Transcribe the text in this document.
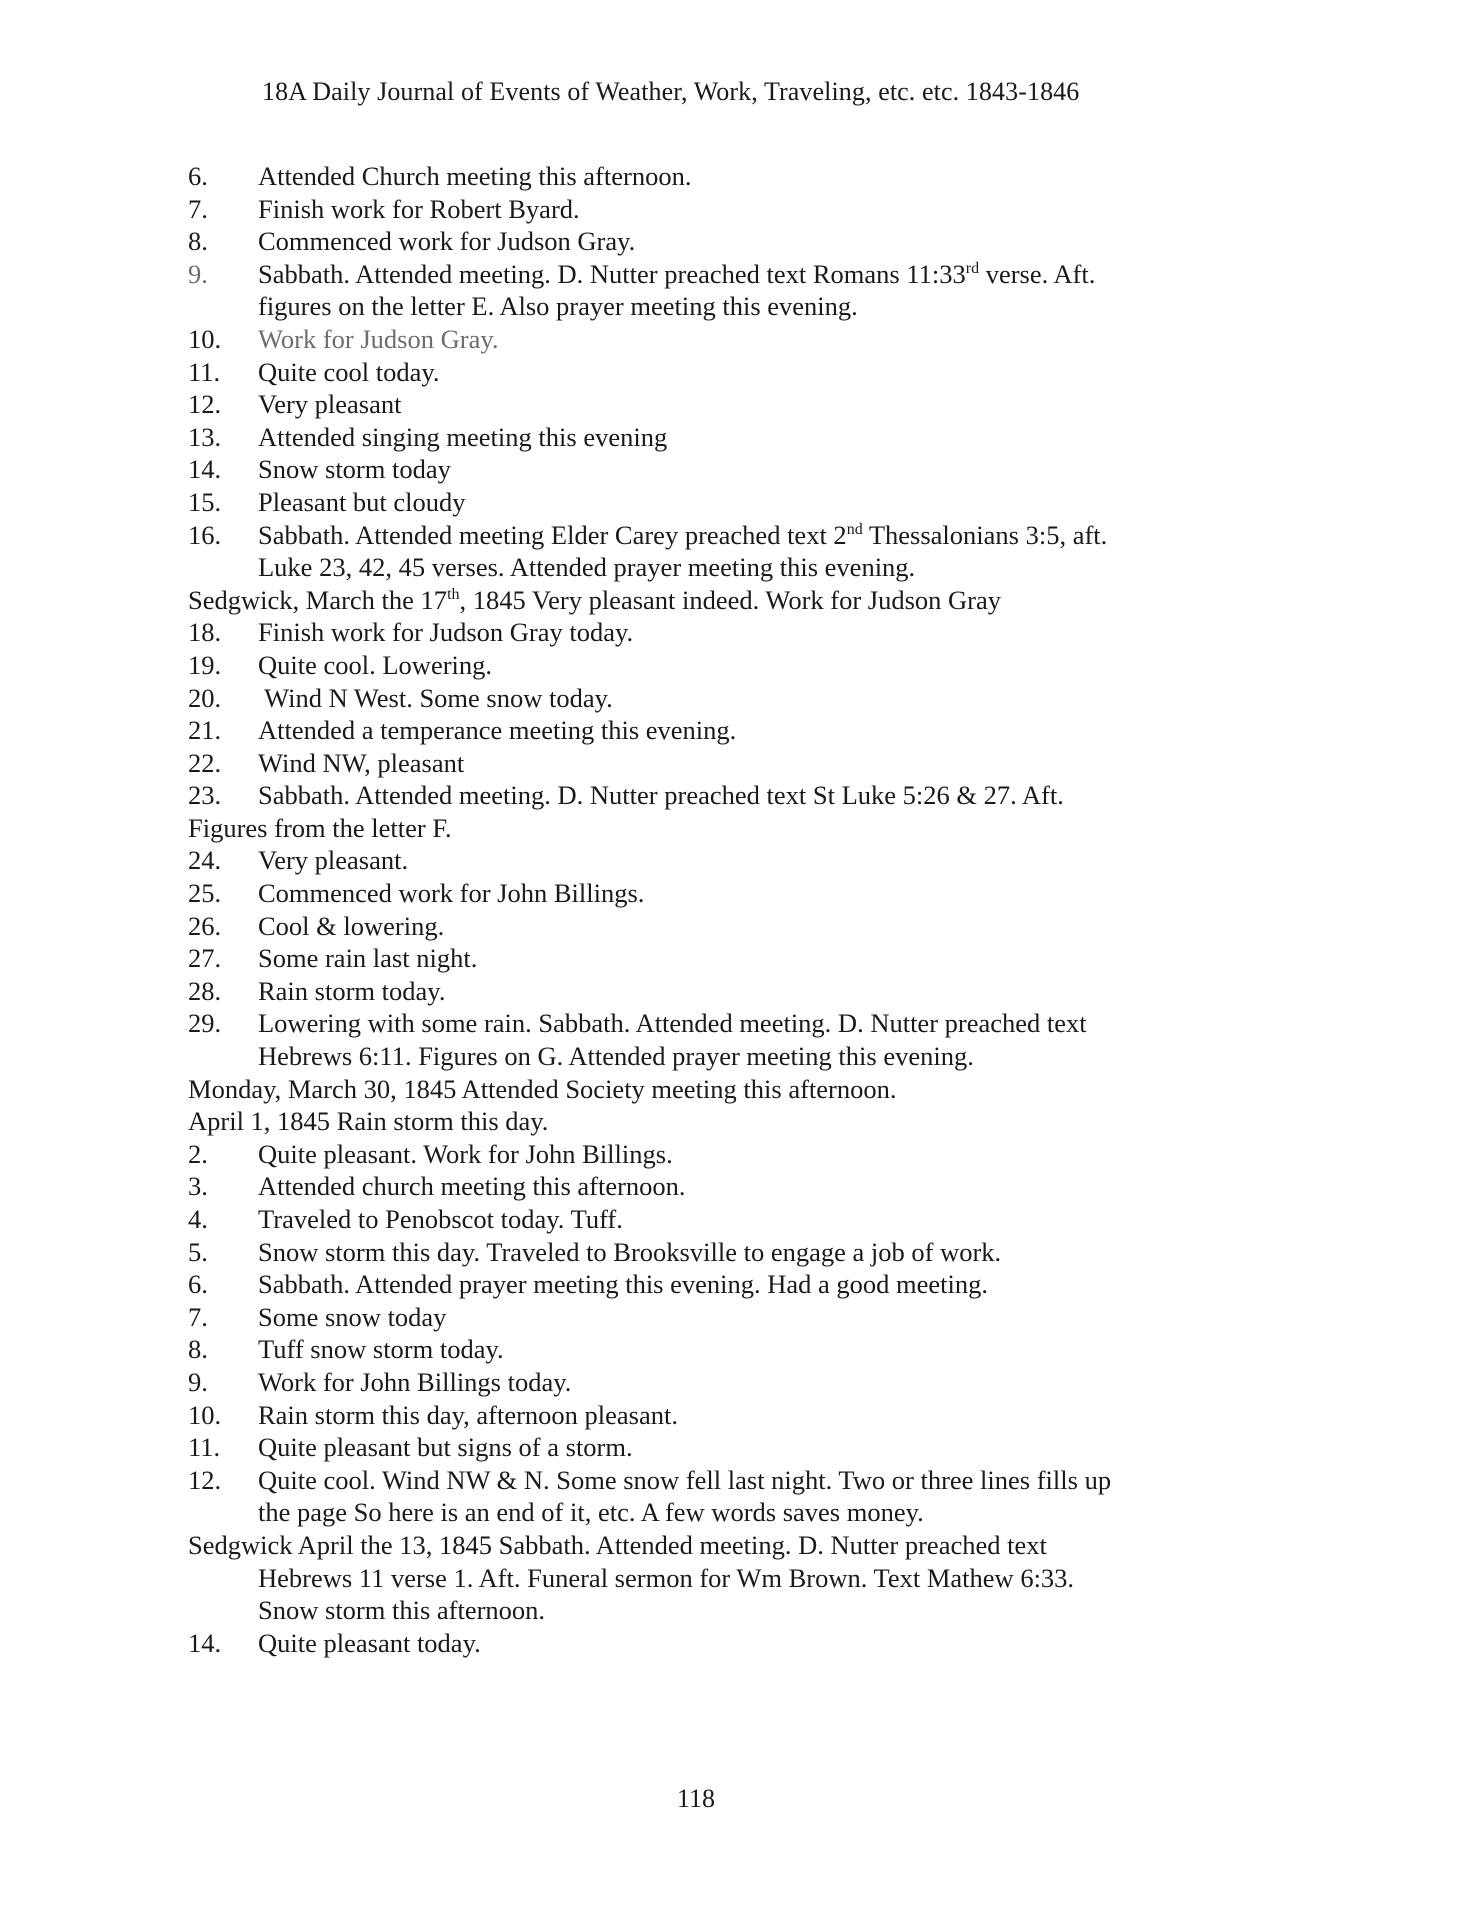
18A Daily Journal of Events of Weather, Work, Traveling, etc. etc. 1843-1846
6. Attended Church meeting this afternoon.
7. Finish work for Robert Byard.
8. Commenced work for Judson Gray.
9. Sabbath. Attended meeting. D. Nutter preached text Romans 11:33rd verse. Aft.
figures on the letter E. Also prayer meeting this evening.
10. Work for Judson Gray.
11. Quite cool today.
12. Very pleasant
13. Attended singing meeting this evening
14. Snow storm today
15. Pleasant but cloudy
16. Sabbath. Attended meeting Elder Carey preached text 2nd Thessalonians 3:5, aft.
Luke 23, 42, 45 verses. Attended prayer meeting this evening.
Sedgwick, March the 17th, 1845 Very pleasant indeed. Work for Judson Gray
18. Finish work for Judson Gray today.
19. Quite cool. Lowering.
20. Wind N West. Some snow today.
21. Attended a temperance meeting this evening.
22. Wind NW, pleasant
23. Sabbath. Attended meeting. D. Nutter preached text St Luke 5:26 & 27. Aft.
Figures from the letter F.
24. Very pleasant.
25. Commenced work for John Billings.
26. Cool & lowering.
27. Some rain last night.
28. Rain storm today.
29. Lowering with some rain. Sabbath. Attended meeting. D. Nutter preached text
Hebrews 6:11. Figures on G. Attended prayer meeting this evening.
Monday, March 30, 1845 Attended Society meeting this afternoon.
April 1, 1845 Rain storm this day.
2. Quite pleasant. Work for John Billings.
3. Attended church meeting this afternoon.
4. Traveled to Penobscot today. Tuff.
5. Snow storm this day. Traveled to Brooksville to engage a job of work.
6. Sabbath. Attended prayer meeting this evening. Had a good meeting.
7. Some snow today
8. Tuff snow storm today.
9. Work for John Billings today.
10. Rain storm this day, afternoon pleasant.
11. Quite pleasant but signs of a storm.
12. Quite cool. Wind NW & N. Some snow fell last night. Two or three lines fills up
the page So here is an end of it, etc. A few words saves money.
Sedgwick April the 13, 1845 Sabbath. Attended meeting. D. Nutter preached text
Hebrews 11 verse 1. Aft. Funeral sermon for Wm Brown. Text Mathew 6:33.
Snow storm this afternoon.
14. Quite pleasant today.
118
